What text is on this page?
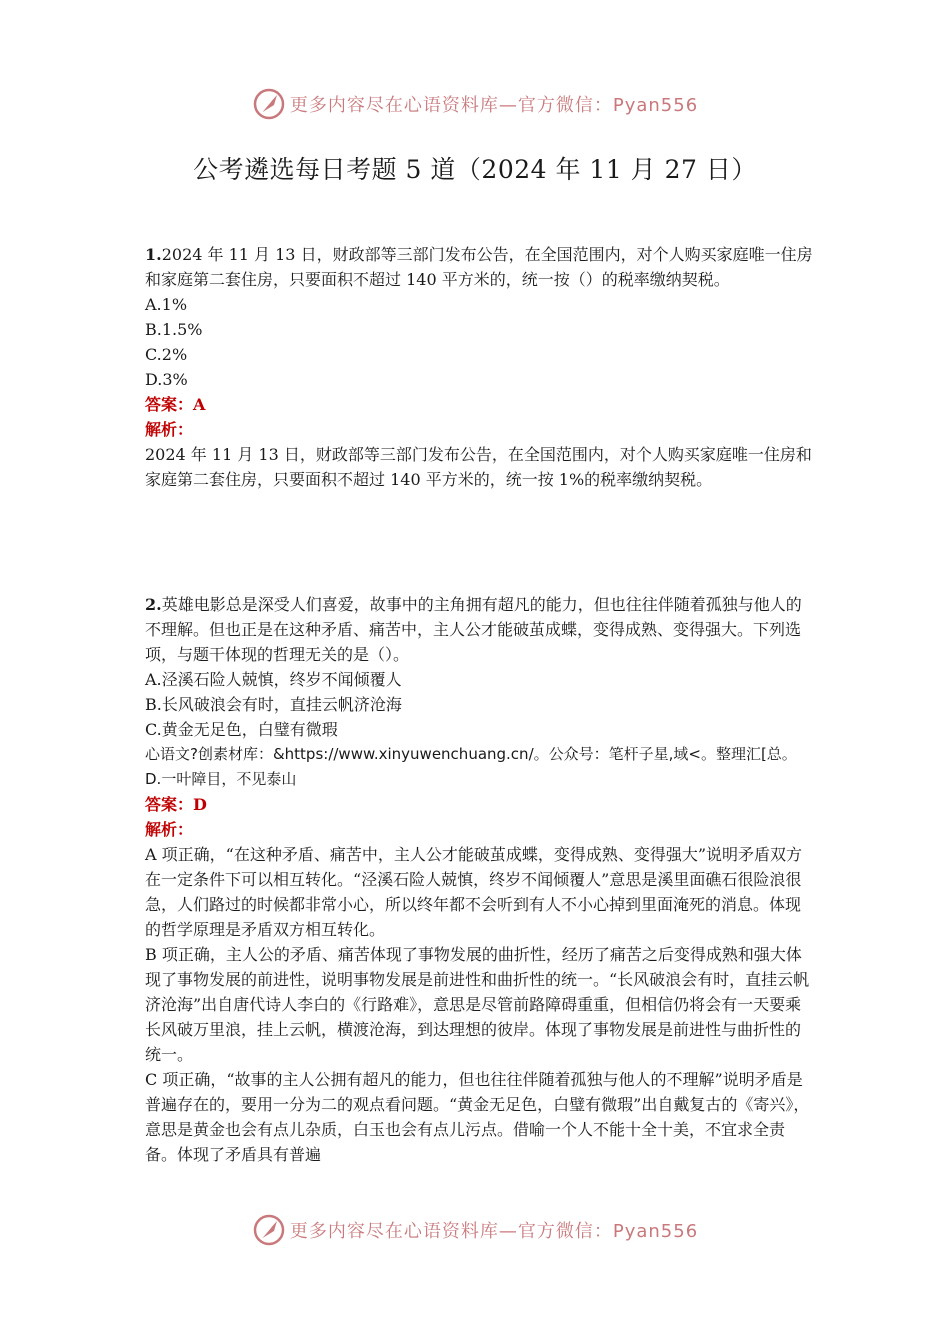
更多内容尽在心语资料库—官方微信：Pyan556
公考遴选每日考题 5 道（2024 年 11 月 27 日）

1.2024 年 11 月 13 日，财政部等三部门发布公告，在全国范围内，对个人购买家庭唯一住房和家庭第二套住房，只要面积不超过 140 平方米的，统一按（）的税率缴纳契税。

A.1%

B.1.5%

C.2%

D.3%

答案：A

解析：

2024 年 11 月 13 日，财政部等三部门发布公告，在全国范围内，对个人购买家庭唯一住房和家庭第二套住房，只要面积不超过 140 平方米的，统一按 1%的税率缴纳契税。

2.英雄电影总是深受人们喜爱，故事中的主角拥有超凡的能力，但也往往伴随着孤独与他人的不理解。但也正是在这种矛盾、痛苦中，主人公才能破茧成蝶，变得成熟、变得强大。下列选项，与题干体现的哲理无关的是（）。

A.泾溪石险人兢慎，终岁不闻倾覆人

B.长风破浪会有时，直挂云帆济沧海

C.黄金无足色，白璧有微瑕

心语文?创素材库：&https://www.xinyuwenchuang.cn/。公众号：笔杆子星,域<。整理汇[总。D.一叶障目，不见泰山

答案：D

解析：

A 项正确，“在这种矛盾、痛苦中，主人公才能破茧成蝶，变得成熟、变得强大”说明矛盾双方在一定条件下可以相互转化。“泾溪石险人兢慎，终岁不闻倾覆人”意思是溪里面礁石很险浪很急，人们路过的时候都非常小心，所以终年都不会听到有人不小心掉到里面淹死的消息。体现的哲学原理是矛盾双方相互转化。

B 项正确，主人公的矛盾、痛苦体现了事物发展的曲折性，经历了痛苦之后变得成熟和强大体现了事物发展的前进性，说明事物发展是前进性和曲折性的统一。“长风破浪会有时，直挂云帆济沧海”出自唐代诗人李白的《行路难》，意思是尽管前路障碍重重，但相信仍将会有一天要乘长风破万里浪，挂上云帆，横渡沧海，到达理想的彼岸。体现了事物发展是前进性与曲折性的统一。

C 项正确，“故事的主人公拥有超凡的能力，但也往往伴随着孤独与他人的不理解”说明矛盾是普遍存在的，要用一分为二的观点看问题。“黄金无足色，白璧有微瑕”出自戴复古的《寄兴》，意思是黄金也会有点儿杂质，白玉也会有点儿污点。借喻一个人不能十全十美，不宜求全责备。体现了矛盾具有普遍

更多内容尽在心语资料库—官方微信：Pyan556
